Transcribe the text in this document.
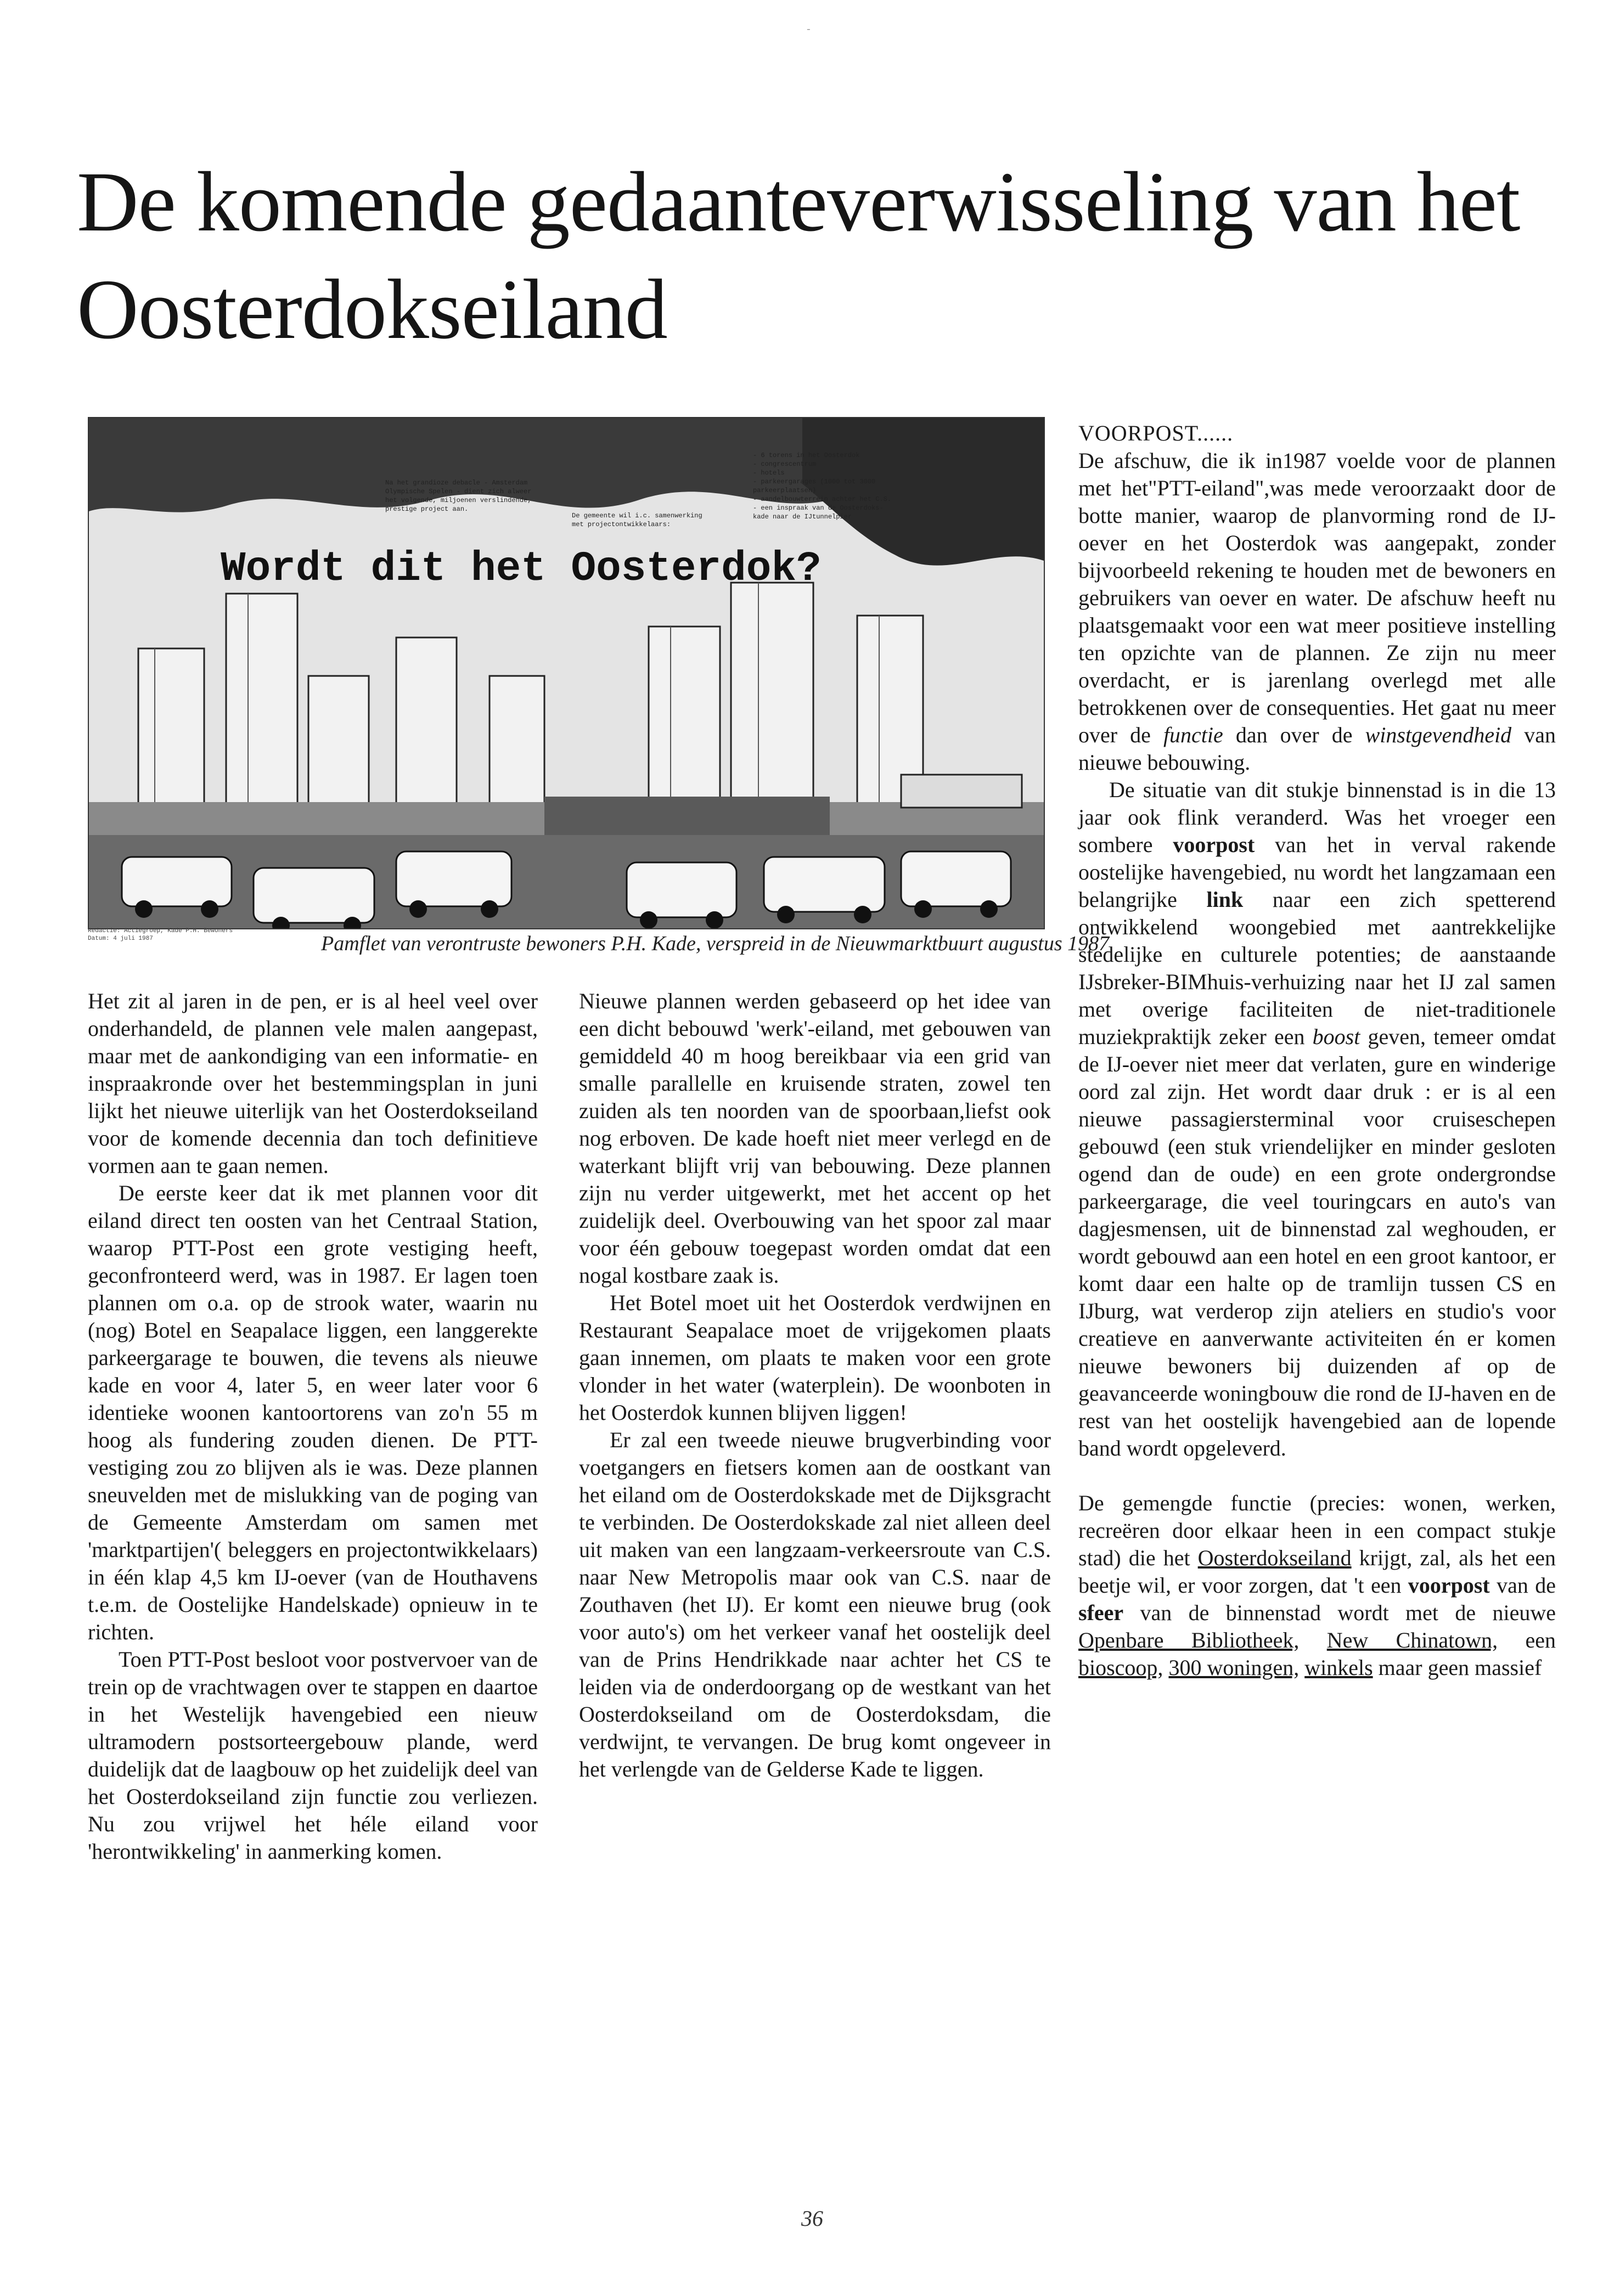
-
De komende gedaanteverwisseling van het Oosterdokseiland
Wordt dit het Oosterdok?
Na het grandioze debacle - Amsterdam
Olympische Spelen - dient zich alweer
het volgende, miljoenen verslindende,
prestige project aan.
De gemeente wil i.c. samenwerking
met projectontwikkelaars:
- 6 torens in het Oosterdok
- congrescentrum
- hotels
- parkeergarages (1000 tot 3000
parkeerplaatsen)
- aandelbouwterrein achter het C.S.
- een inspraak van de Oosterdoks-
kade naar de IJtunnelpier
Redactie: Actiegroep, Kade P.H. Bewoners
Datum: 4 juli 1987	Pamflet van verontruste bewoners P.H. Kade, verspreid in de Nieuwmarktbuurt augustus 1987

Het zit al jaren in de pen, er is al heel veel over onderhandeld, de plannen vele malen aangepast, maar met de aankondiging van een informatie- en inspraakronde over het bestemmingsplan in juni lijkt het nieuwe uiterlijk van het Oosterdokseiland voor de komende decennia dan toch definitieve vormen aan te gaan nemen.

De eerste keer dat ik met plannen voor dit eiland direct ten oosten van het Centraal Station, waarop PTT-Post een grote vestiging heeft, geconfronteerd werd, was in 1987. Er lagen toen plannen om o.a. op de strook water, waarin nu (nog) Botel en Seapalace liggen, een langgerekte parkeergarage te bouwen, die tevens als nieuwe kade en voor 4, later 5, en weer later voor 6 identieke woonen kantoortorens van zo'n 55 m hoog als fundering zouden dienen. De PTT-vestiging zou zo blijven als ie was. Deze plannen sneuvelden met de mislukking van de poging van de Gemeente Amsterdam om samen met 'marktpartijen'( beleggers en projectontwikkelaars) in één klap 4,5 km IJ-oever (van de Houthavens t.e.m. de Oostelijke Handelskade) opnieuw in te richten.

Toen PTT-Post besloot voor postvervoer van de trein op de vrachtwagen over te stappen en daartoe in het Westelijk havengebied een nieuw ultramodern postsorteergebouw plande, werd duidelijk dat de laagbouw op het zuidelijk deel van het Oosterdokseiland zijn functie zou verliezen. Nu zou vrijwel het héle eiland voor 'herontwikkeling' in aanmerking komen.

Nieuwe plannen werden gebaseerd op het idee van een dicht bebouwd 'werk'-eiland, met gebouwen van gemiddeld 40 m hoog bereikbaar via een grid van smalle parallelle en kruisende straten, zowel ten zuiden als ten noorden van de spoorbaan,liefst ook nog erboven. De kade hoeft niet meer verlegd en de waterkant blijft vrij van bebouwing. Deze plannen zijn nu verder uitgewerkt, met het accent op het zuidelijk deel. Overbouwing van het spoor zal maar voor één gebouw toegepast worden omdat dat een nogal kostbare zaak is.

Het Botel moet uit het Oosterdok verdwijnen en Restaurant Seapalace moet de vrijgekomen plaats gaan innemen, om plaats te maken voor een grote vlonder in het water (waterplein). De woonboten in het Oosterdok kunnen blijven liggen!

Er zal een tweede nieuwe brugverbinding voor voetgangers en fietsers komen aan de oostkant van het eiland om de Oosterdokskade met de Dijksgracht te verbinden. De Oosterdokskade zal niet alleen deel uit maken van een langzaam-verkeersroute van C.S. naar New Metropolis maar ook van C.S. naar de Zouthaven (het IJ). Er komt een nieuwe brug (ook voor auto's) om het verkeer vanaf het oostelijk deel van de Prins Hendrikkade naar achter het CS te leiden via de onderdoorgang op de westkant van het Oosterdokseiland om de Oosterdoksdam, die verdwijnt, te vervangen. De brug komt ongeveer in het verlengde van de Gelderse Kade te liggen.

VOORPOST......

De afschuw, die ik in1987 voelde voor de plannen met het"PTT-eiland",was mede veroorzaakt door de botte manier, waarop de planvorming rond de IJ-oever en het Oosterdok was aangepakt, zonder bijvoorbeeld rekening te houden met de bewoners en gebruikers van oever en water. De afschuw heeft nu plaatsgemaakt voor een wat meer positieve instelling ten opzichte van de plannen. Ze zijn nu meer overdacht, er is jarenlang overlegd met alle betrokkenen over de consequenties. Het gaat nu meer over de functie dan over de winstgevendheid van nieuwe bebouwing.

De situatie van dit stukje binnenstad is in die 13 jaar ook flink veranderd. Was het vroeger een sombere voorpost van het in verval rakende oostelijke havengebied, nu wordt het langzamaan een belangrijke link naar een zich spetterend ontwikkelend woongebied met aantrekkelijke stedelijke en culturele potenties; de aanstaande IJsbreker-BIMhuis-verhuizing naar het IJ zal samen met overige faciliteiten de niet-traditionele muziekpraktijk zeker een boost geven, temeer omdat de IJ-oever niet meer dat verlaten, gure en winderige oord zal zijn. Het wordt daar druk : er is al een nieuwe passagiersterminal voor cruiseschepen gebouwd (een stuk vriendelijker en minder gesloten ogend dan de oude) en een grote ondergrondse parkeergarage, die veel touringcars en auto's van dagjesmensen, uit de binnenstad zal weghouden, er wordt gebouwd aan een hotel en een groot kantoor, er komt daar een halte op de tramlijn tussen CS en IJburg, wat verderop zijn ateliers en studio's voor creatieve en aanverwante activiteiten én er komen nieuwe bewoners bij duizenden af op de geavanceerde woningbouw die rond de IJ-haven en de rest van het oostelijk havengebied aan de lopende band wordt opgeleverd.

De gemengde functie (precies: wonen, werken, recreëren door elkaar heen in een compact stukje stad) die het Oosterdokseiland krijgt, zal, als het een beetje wil, er voor zorgen, dat 't een voorpost van de sfeer van de binnenstad wordt met de nieuwe Openbare Bibliotheek, New Chinatown, een bioscoop, 300 woningen, winkels maar geen massief

36
